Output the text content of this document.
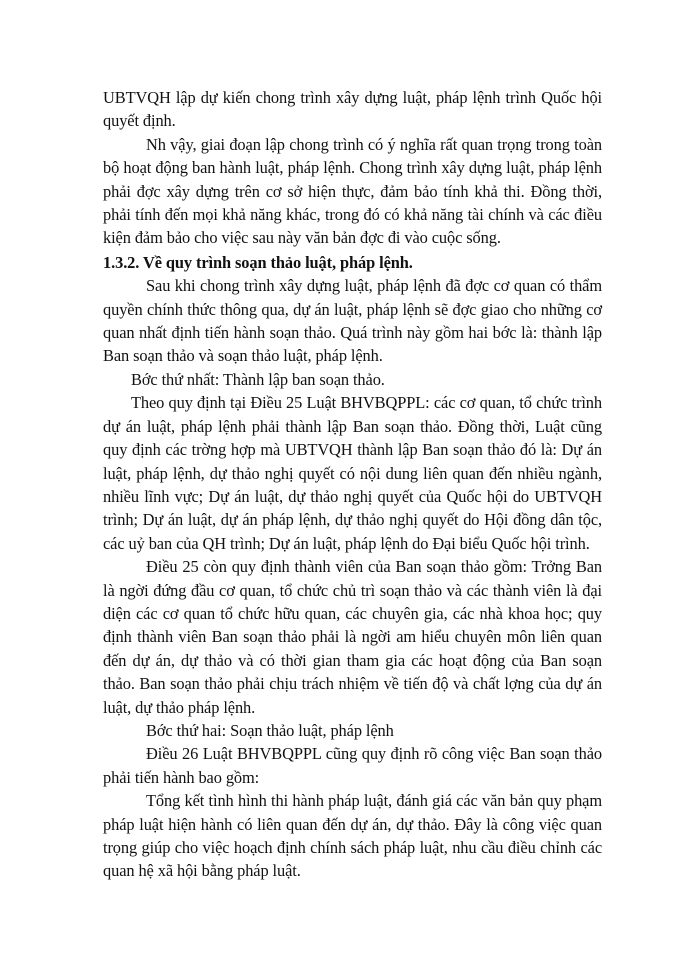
UBTVQH lập dự kiến chong trình xây dựng luật, pháp lệnh trình Quốc hội quyết định.

Nh vậy, giai đoạn lập chong trình có ý nghĩa rất quan trọng trong toàn bộ hoạt động ban hành luật, pháp lệnh. Chong trình xây dựng luật, pháp lệnh phải đợc xây dựng trên cơ sở hiện thực, đảm bảo tính khả thi. Đồng thời, phải tính đến mọi khả năng khác, trong đó có khả năng tài chính và các điều kiện đảm bảo cho việc sau này văn bản đợc đi vào cuộc sống.

1.3.2. Về quy trình soạn thảo luật, pháp lệnh.

Sau khi chong trình xây dựng luật, pháp lệnh đã đợc cơ quan có thẩm quyền chính thức thông qua, dự án luật, pháp lệnh sẽ đợc giao cho những cơ quan nhất định tiến hành soạn thảo. Quá trình này gồm hai bớc là: thành lập Ban soạn thảo và soạn thảo luật, pháp lệnh.

Bớc thứ nhất: Thành lập ban soạn thảo.

Theo quy định tại Điều 25 Luật BHVBQPPL: các cơ quan, tổ chức trình dự án luật, pháp lệnh phải thành lập Ban soạn thảo. Đồng thời, Luật cũng quy định các trờng hợp mà UBTVQH thành lập Ban soạn thảo đó là: Dự án luật, pháp lệnh, dự thảo nghị quyết có nội dung liên quan đến nhiều ngành, nhiều lĩnh vực; Dự án luật, dự thảo nghị quyết của Quốc hội do UBTVQH trình; Dự án luật, dự án pháp lệnh, dự thảo nghị quyết do Hội đồng dân tộc, các uỷ ban của QH trình; Dự án luật, pháp lệnh do Đại biểu Quốc hội trình.

Điều 25 còn quy định thành viên của Ban soạn thảo gồm: Trởng Ban là ngời đứng đầu cơ quan, tổ chức chủ trì soạn thảo và các thành viên là đại diện các cơ quan tổ chức hữu quan, các chuyên gia, các nhà khoa học; quy định thành viên Ban soạn thảo phải là ngời am hiểu chuyên môn liên quan đến dự án, dự thảo và có thời gian tham gia các hoạt động của Ban soạn thảo. Ban soạn thảo phải chịu trách nhiệm về tiến độ và chất lợng của dự án luật, dự thảo pháp lệnh.

Bớc thứ hai: Soạn thảo luật, pháp lệnh

Điều 26 Luật BHVBQPPL cũng quy định rõ công việc Ban soạn thảo phải tiến hành bao gồm:

Tổng kết tình hình thi hành pháp luật, đánh giá các văn bản quy phạm pháp luật hiện hành có liên quan đến dự án, dự thảo. Đây là công việc quan trọng giúp cho việc hoạch định chính sách pháp luật, nhu cầu điều chỉnh các quan hệ xã hội bằng pháp luật.
